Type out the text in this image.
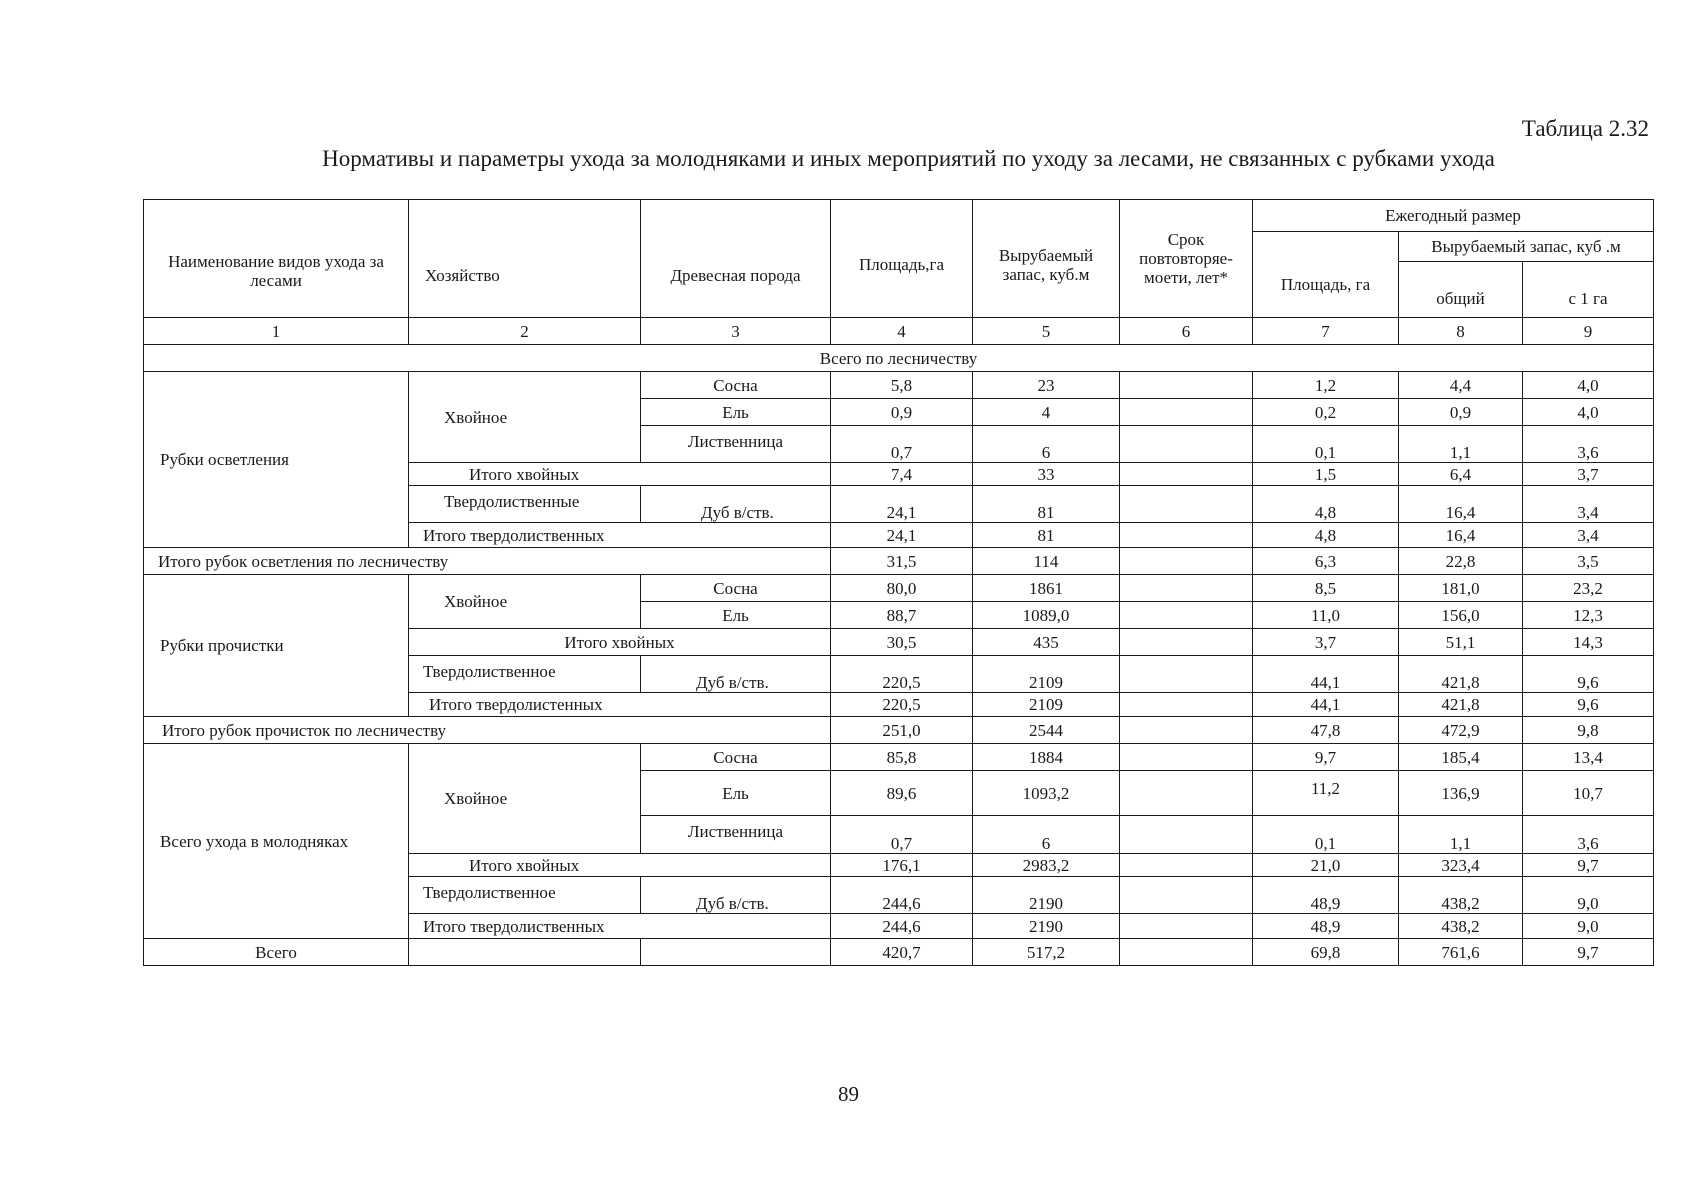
Таблица 2.32
Нормативы и параметры ухода за молодняками и иных мероприятий по уходу за лесами, не связанных с рубками ухода
Наименование видов ухода за лесами	Хозяйство	Древесная порода	Площадь,га	Вырубаемый запас, куб.м	Срок повтовторяе-моети, лет*	Ежегодный размер		
						Площадь, га	Вырубаемый запас, куб .м	
							общий	с 1 га
1	2	3	4	5	6	7	8	9
Всего по лесничеству								
Рубки осветления	Хвойное	Сосна	5,8	23		1,2	4,4	4,0
		Ель	0,9	4		0,2	0,9	4,0
		Лиственница	0,7	6		0,1	1,1	3,6
	Итого хвойных		7,4	33		1,5	6,4	3,7
	Твердолиственные	Дуб в/ств.	24,1	81		4,8	16,4	3,4
	Итого твердолиственных		24,1	81		4,8	16,4	3,4
Итого рубок осветления по лесничеству			31,5	114		6,3	22,8	3,5
Рубки прочистки	Хвойное	Сосна	80,0	1861		8,5	181,0	23,2
		Ель	88,7	1089,0		11,0	156,0	12,3
	Итого хвойных		30,5	435		3,7	51,1	14,3
	Твердолиственное	Дуб в/ств.	220,5	2109		44,1	421,8	9,6
	Итого твердолистенных		220,5	2109		44,1	421,8	9,6
Итого рубок прочисток по лесничеству			251,0	2544		47,8	472,9	9,8
Всего ухода в молодняках	Хвойное	Сосна	85,8	1884		9,7	185,4	13,4
		Ель	89,6	1093,2		11,2	136,9	10,7
		Лиственница	0,7	6		0,1	1,1	3,6
	Итого хвойных		176,1	2983,2		21,0	323,4	9,7
	Твердолиственное	Дуб в/ств.	244,6	2190		48,9	438,2	9,0
	Итого твердолиственных		244,6	2190		48,9	438,2	9,0
Всего			420,7	517,2		69,8	761,6	9,7
89
